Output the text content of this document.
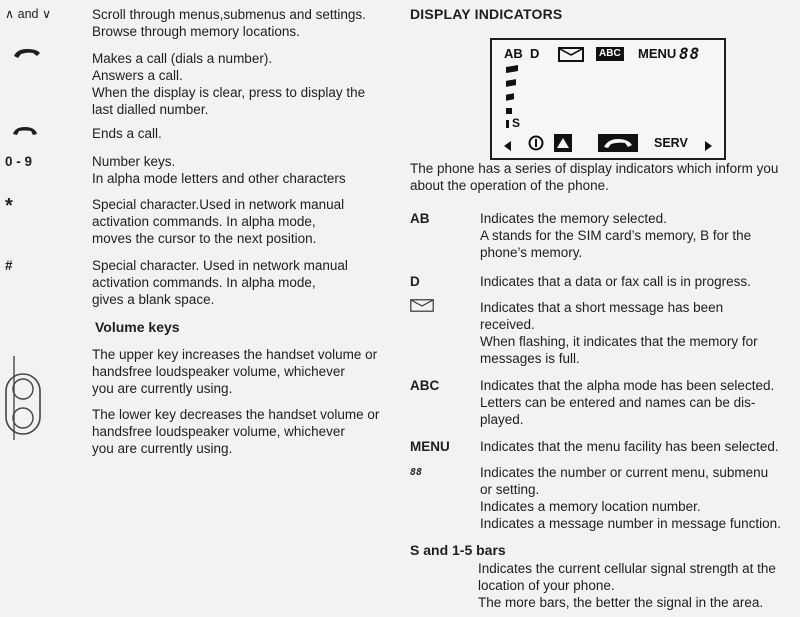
∧ and ∨	Scroll through menus,submenus and settings.
Browse through memory locations.
Makes a call (dials a number).
Answers a call.
When the display is clear, press to display the
last dialled number.
Ends a call.
0 - 9	Number keys.
In alpha mode letters and other characters
*	Special character.Used in network manual
activation commands. In alpha mode,
moves the cursor to the next position.
#	Special character. Used in network manual
activation commands. In alpha mode,
gives a blank space.
Volume keys
The upper key increases the handset volume or
handsfree loudspeaker volume, whichever
you are currently using.
The lower key decreases the handset volume or
handsfree loudspeaker volume, whichever
you are currently using.
DISPLAY INDICATORS
AB D	ABC MENU 88
S
SERV
The phone has a series of display indicators which inform you
about the operation of the phone.
AB	Indicates the memory selected.
A stands for the SIM card’s memory, B for the
phone’s memory.
D	Indicates that a data or fax call is in progress.
Indicates that a short message has been
received.
When flashing, it indicates that the memory for
messages is full.
ABC	Indicates that the alpha mode has been selected.
Letters can be entered and names can be dis-
played.
MENU Indicates that the menu facility has been selected.
88	Indicates the number or current menu, submenu
or setting.
Indicates a memory location number.
Indicates a message number in message function.
S and 1-5 bars
Indicates the current cellular signal strength at the
location of your phone.
The more bars, the better the signal in the area.
